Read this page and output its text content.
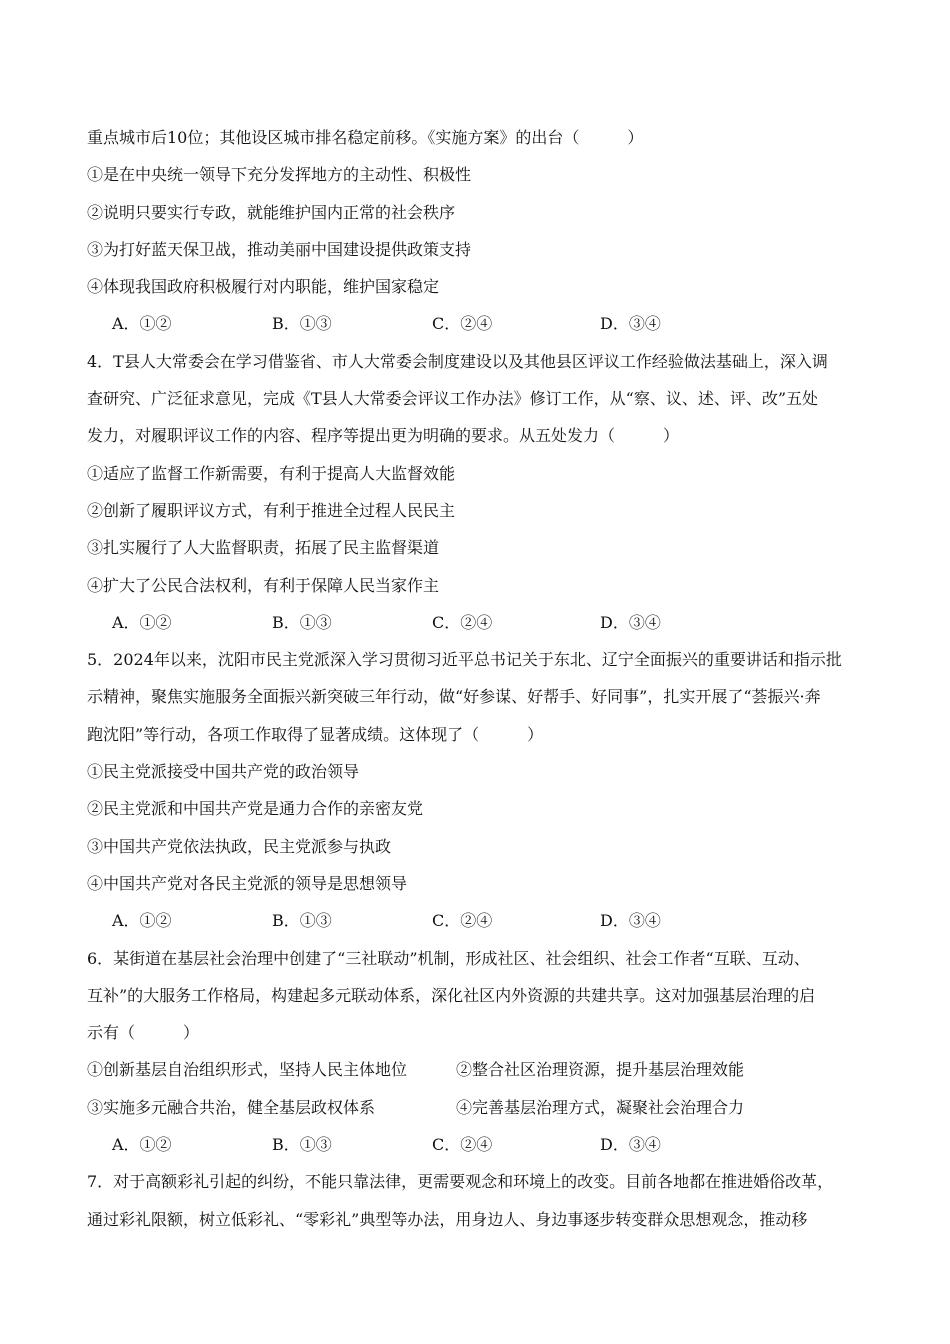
重点城市后10位；其他设区城市排名稳定前移。《实施方案》的出台（　　　）
①是在中央统一领导下充分发挥地方的主动性、积极性
②说明只要实行专政，就能维护国内正常的社会秩序
③为打好蓝天保卫战，推动美丽中国建设提供政策支持
④体现我国政府积极履行对内职能，维护国家稳定
A．①②	B．①③	C．②④	D．③④
4．T县人大常委会在学习借鉴省、市人大常委会制度建设以及其他县区评议工作经验做法基础上，深入调
查研究、广泛征求意见，完成《T县人大常委会评议工作办法》修订工作，从“察、议、述、评、改”五处
发力，对履职评议工作的内容、程序等提出更为明确的要求。从五处发力（　　　）
①适应了监督工作新需要，有利于提高人大监督效能
②创新了履职评议方式，有利于推进全过程人民民主
③扎实履行了人大监督职责，拓展了民主监督渠道
④扩大了公民合法权利，有利于保障人民当家作主
A．①②	B．①③	C．②④	D．③④
5．2024年以来，沈阳市民主党派深入学习贯彻习近平总书记关于东北、辽宁全面振兴的重要讲话和指示批
示精神，聚焦实施服务全面振兴新突破三年行动，做“好参谋、好帮手、好同事”，扎实开展了“荟振兴·奔
跑沈阳”等行动，各项工作取得了显著成绩。这体现了（　　　）
①民主党派接受中国共产党的政治领导
②民主党派和中国共产党是通力合作的亲密友党
③中国共产党依法执政，民主党派参与执政
④中国共产党对各民主党派的领导是思想领导
A．①②	B．①③	C．②④	D．③④
6．某街道在基层社会治理中创建了“三社联动”机制，形成社区、社会组织、社会工作者“互联、互动、
互补”的大服务工作格局，构建起多元联动体系，深化社区内外资源的共建共享。这对加强基层治理的启
示有（　　　）
①创新基层自治组织形式，坚持人民主体地位	②整合社区治理资源，提升基层治理效能
③实施多元融合共治，健全基层政权体系	④完善基层治理方式，凝聚社会治理合力
A．①②	B．①③	C．②④	D．③④
7．对于高额彩礼引起的纠纷，不能只靠法律，更需要观念和环境上的改变。目前各地都在推进婚俗改革，
通过彩礼限额，树立低彩礼、“零彩礼”典型等办法，用身边人、身边事逐步转变群众思想观念，推动移
